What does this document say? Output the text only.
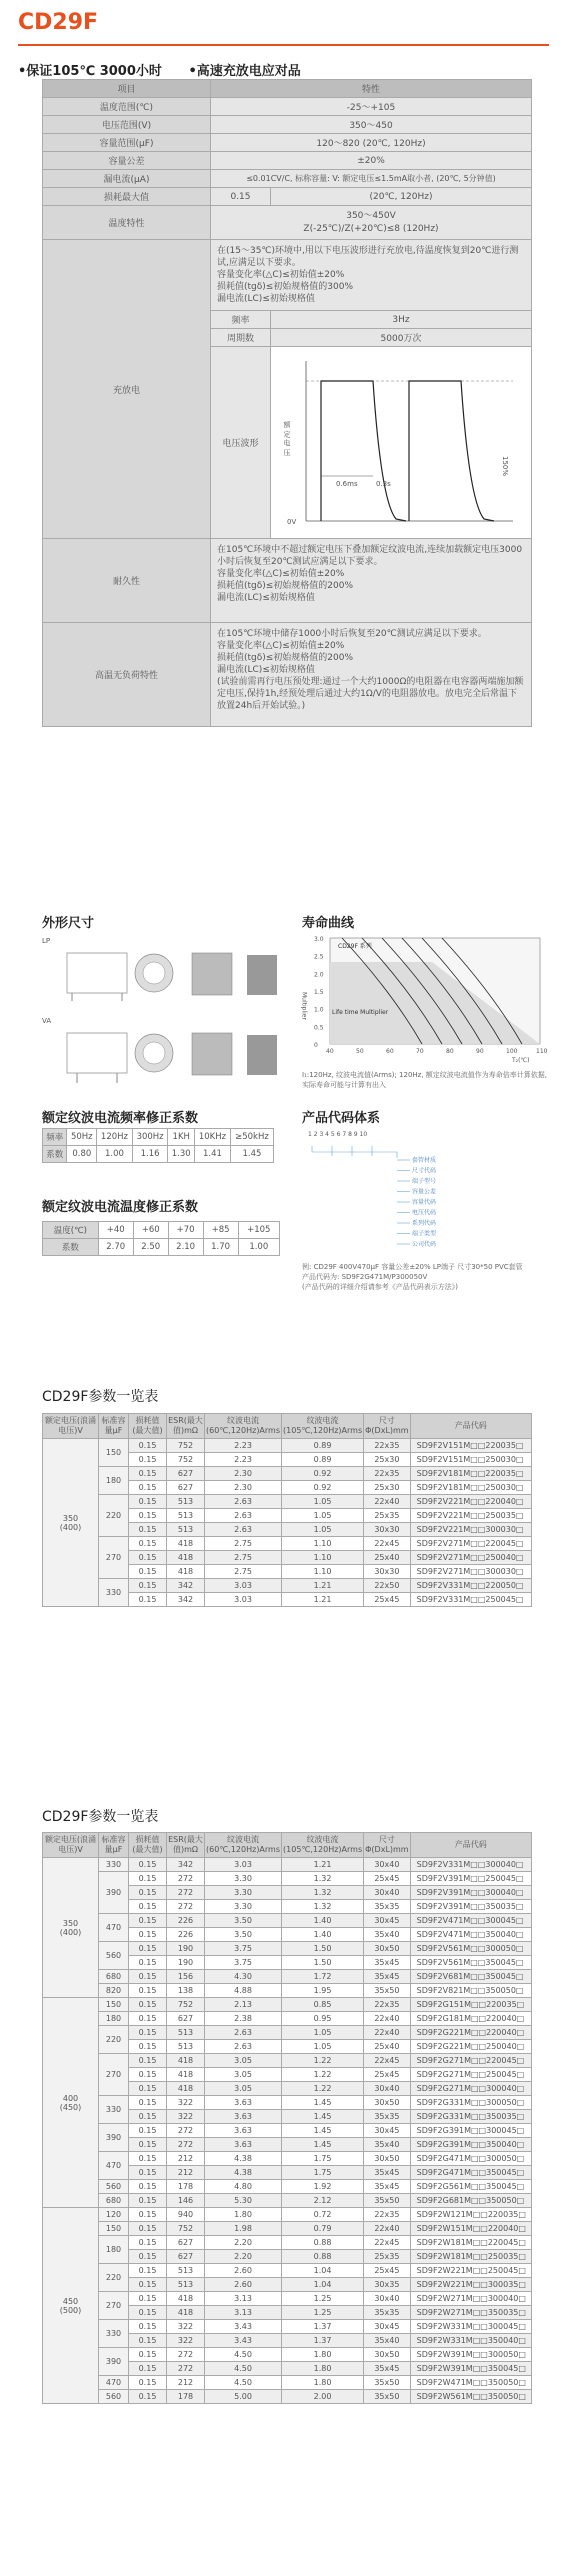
CD29F
•保证105℃ 3000小时 •高速充放电应对品
项目	特性	
温度范围(℃)	-25～+105	
电压范围(V)	350～450	
容量范围(μF)	120～820 (20℃, 120Hz)	
容量公差	±20%	
漏电流(μA)	≤0.01CV/C, 标称容量: V: 额定电压≤1.5mA取小者, (20℃, 5分钟值)	
损耗最大值	0.15	(20℃, 120Hz)
温度特性	350～450V
Z(-25℃)/Z(+20℃)≤8 (120Hz)	

充放电	在(15～35℃)环境中,用以下电压波形进行充放电,待温度恢复到20℃进行测试,应满足以下要求。
容量变化率(△C)≤初始值±20%
损耗值(tgδ)≤初始规格值的300%
漏电流(LC)≤初始规格值	

	频率	3Hz
	周期数	5000万次
	电压波形	额 定 电 压
0V
150%
0.6ms 0.3s

耐久性	在105℃环境中不超过额定电压下叠加额定纹波电流,连续加载额定电压3000小时后恢复至20℃测试应满足以下要求。
容量变化率(△C)≤初始值±20%
损耗值(tgδ)≤初始规格值的200%
漏电流(LC)≤初始规格值	

高温无负荷特性	在105℃环境中储存1000小时后恢复至20℃测试应满足以下要求。
容量变化率(△C)≤初始值±20%
损耗值(tgδ)≤初始规格值的200%
漏电流(LC)≤初始规格值
(试验前需再行电压预处理:通过一个大约1000Ω的电阻器在电容器两端施加额定电压,保持1h,经预处理后通过大约1Ω/V的电阻器放电。放电完全后常温下放置24h后开始试验。)	
外形尺寸
LP
VA
寿命曲线
CD29F 系列
Life time Multiplier
Multiplier
T₂(℃)
3.0
2.5
2.0
1.5
1.0
0.5
0
40	50	60	70	80	90	100	110
I₁:120Hz, 纹波电流值(Arms); 120Hz, 额定纹波电流值作为寿命倍率计算依据,实际寿命可能与计算有出入
额定纹波电流频率修正系数
频率	50Hz	120Hz	300Hz	1KH	10KHz	≥50kHz
系数	0.80	1.00	1.16	1.30	1.41	1.45
额定纹波电流温度修正系数
温度(℃)	+40	+60	+70	+85	+105
系数	2.70	2.50	2.10	1.70	1.00
产品代码体系
1 2 3 4 5 6 7 8 9 10
套管材质
尺寸代码
端子型号
容量公差
容量代码
电压代码
系列代码
端子类型
公司代码
例: CD29F 400V470μF 容量公差±20% LP端子 尺寸30*50 PVC套管
产品代码为: SD9F2G471M/P300050V
(产品代码的详细介绍请参考《产品代码表示方法》)
CD29F参数一览表
额定电压(浪涌电压)V	标准容量μF	损耗值(最大值)	ESR(最大值)mΩ	纹波电流(60℃,120Hz)Arms	纹波电流(105℃,120Hz)Arms	尺寸Φ(DxL)mm	产品代码
350
(400)	150	0.15	752	2.23	0.89	22x35	SD9F2V151M□□220035□
		0.15	752	2.23	0.89	25x30	SD9F2V151M□□250030□
	180	0.15	627	2.30	0.92	22x35	SD9F2V181M□□220035□
		0.15	627	2.30	0.92	25x30	SD9F2V181M□□250030□
	220	0.15	513	2.63	1.05	22x40	SD9F2V221M□□220040□
		0.15	513	2.63	1.05	25x35	SD9F2V221M□□250035□
		0.15	513	2.63	1.05	30x30	SD9F2V221M□□300030□
	270	0.15	418	2.75	1.10	22x45	SD9F2V271M□□220045□
		0.15	418	2.75	1.10	25x40	SD9F2V271M□□250040□
		0.15	418	2.75	1.10	30x30	SD9F2V271M□□300030□
	330	0.15	342	3.03	1.21	22x50	SD9F2V331M□□220050□
		0.15	342	3.03	1.21	25x45	SD9F2V331M□□250045□
CD29F参数一览表
额定电压(浪涌电压)V	标准容量μF	损耗值(最大值)	ESR(最大值)mΩ	纹波电流(60℃,120Hz)Arms	纹波电流(105℃,120Hz)Arms	尺寸Φ(DxL)mm	产品代码
350
(400)	330	0.15	342	3.03	1.21	30x40	SD9F2V331M□□300040□
	390	0.15	272	3.30	1.32	25x45	SD9F2V391M□□250045□
		0.15	272	3.30	1.32	30x40	SD9F2V391M□□300040□
		0.15	272	3.30	1.32	35x35	SD9F2V391M□□350035□
	470	0.15	226	3.50	1.40	30x45	SD9F2V471M□□300045□
		0.15	226	3.50	1.40	35x40	SD9F2V471M□□350040□
	560	0.15	190	3.75	1.50	30x50	SD9F2V561M□□300050□
		0.15	190	3.75	1.50	35x45	SD9F2V561M□□350045□
	680	0.15	156	4.30	1.72	35x45	SD9F2V681M□□350045□
	820	0.15	138	4.88	1.95	35x50	SD9F2V821M□□350050□
400
(450)	150	0.15	752	2.13	0.85	22x35	SD9F2G151M□□220035□
	180	0.15	627	2.38	0.95	22x40	SD9F2G181M□□220040□
	220	0.15	513	2.63	1.05	22x40	SD9F2G221M□□220040□
		0.15	513	2.63	1.05	25x40	SD9F2G221M□□250040□
	270	0.15	418	3.05	1.22	22x45	SD9F2G271M□□220045□
		0.15	418	3.05	1.22	25x45	SD9F2G271M□□250045□
		0.15	418	3.05	1.22	30x40	SD9F2G271M□□300040□
	330	0.15	322	3.63	1.45	30x50	SD9F2G331M□□300050□
		0.15	322	3.63	1.45	35x35	SD9F2G331M□□350035□
	390	0.15	272	3.63	1.45	30x45	SD9F2G391M□□300045□
		0.15	272	3.63	1.45	35x40	SD9F2G391M□□350040□
	470	0.15	212	4.38	1.75	30x50	SD9F2G471M□□300050□
		0.15	212	4.38	1.75	35x45	SD9F2G471M□□350045□
	560	0.15	178	4.80	1.92	35x45	SD9F2G561M□□350045□
	680	0.15	146	5.30	2.12	35x50	SD9F2G681M□□350050□
450
(500)	120	0.15	940	1.80	0.72	22x35	SD9F2W121M□□220035□
	150	0.15	752	1.98	0.79	22x40	SD9F2W151M□□220040□
	180	0.15	627	2.20	0.88	22x45	SD9F2W181M□□220045□
		0.15	627	2.20	0.88	25x35	SD9F2W181M□□250035□
	220	0.15	513	2.60	1.04	25x45	SD9F2W221M□□250045□
		0.15	513	2.60	1.04	30x35	SD9F2W221M□□300035□
	270	0.15	418	3.13	1.25	30x40	SD9F2W271M□□300040□
		0.15	418	3.13	1.25	35x35	SD9F2W271M□□350035□
	330	0.15	322	3.43	1.37	30x45	SD9F2W331M□□300045□
		0.15	322	3.43	1.37	35x40	SD9F2W331M□□350040□
	390	0.15	272	4.50	1.80	30x50	SD9F2W391M□□300050□
		0.15	272	4.50	1.80	35x45	SD9F2W391M□□350045□
	470	0.15	212	4.50	1.80	35x50	SD9F2W471M□□350050□
	560	0.15	178	5.00	2.00	35x50	SD9F2W561M□□350050□
